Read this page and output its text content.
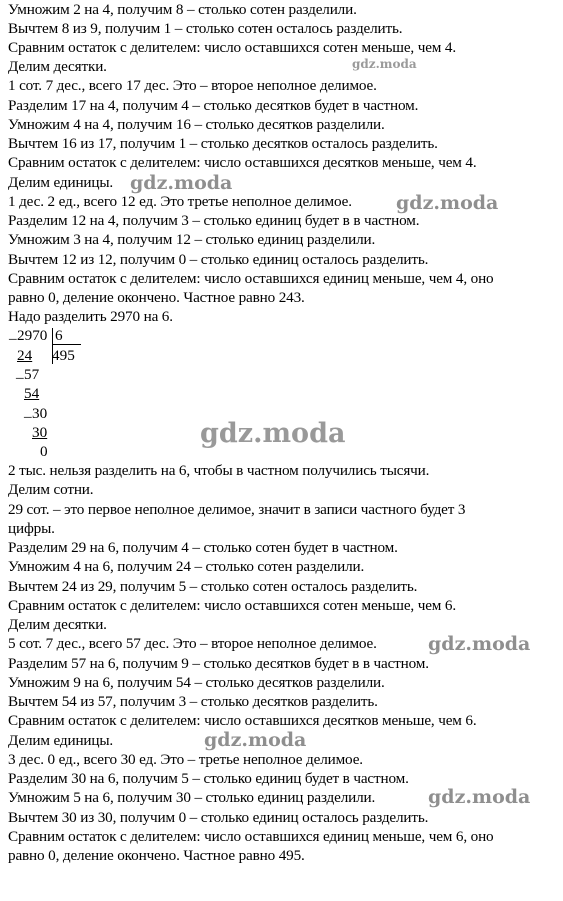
Умножим 2 на 4, получим 8 – столько сотен разделили.
Вычтем 8 из 9, получим 1 – столько сотен осталось разделить.
Сравним остаток с делителем: число оставшихся сотен меньше, чем 4.
Делим десятки.
1 сот. 7 дес., всего 17 дес. Это – второе неполное делимое.
Разделим 17 на 4, получим 4 – столько десятков будет в частном.
Умножим 4 на 4, получим 16 – столько десятков разделили.
Вычтем 16 из 17, получим 1 – столько десятков осталось разделить.
Сравним остаток с делителем: число оставшихся десятков меньше, чем 4.
Делим единицы.
1 дес. 2 ед., всего 12 ед. Это третье неполное делимое.
Разделим 12 на 4, получим 3 – столько единиц будет в в частном.
Умножим 3 на 4, получим 12 – столько единиц разделили.
Вычтем 12 из 12, получим 0 – столько единиц осталось разделить.
Сравним остаток с делителем: число оставшихся единиц меньше, чем 4, оно
равно 0, деление окончено. Частное равно 243.
Надо разделить 2970 на 6.
_ 2970 6
495
24
_ 57
54
_ 30
30
0
2 тыс. нельзя разделить на 6, чтобы в частном получились тысячи.
Делим сотни.
29 сот. – это первое неполное делимое, значит в записи частного будет 3
цифры.
Разделим 29 на 6, получим 4 – столько сотен будет в частном.
Умножим 4 на 6, получим 24 – столько сотен разделили.
Вычтем 24 из 29, получим 5 – столько сотен осталось разделить.
Сравним остаток с делителем: число оставшихся сотен меньше, чем 6.
Делим десятки.
5 сот. 7 дес., всего 57 дес. Это – второе неполное делимое.
Разделим 57 на 6, получим 9 – столько десятков будет в в частном.
Умножим 9 на 6, получим 54 – столько десятков разделили.
Вычтем 54 из 57, получим 3 – столько десятков разделить.
Сравним остаток с делителем: число оставшихся десятков меньше, чем 6.
Делим единицы.
3 дес. 0 ед., всего 30 ед. Это – третье неполное делимое.
Разделим 30 на 6, получим 5 – столько единиц будет в частном.
Умножим 5 на 6, получим 30 – столько единиц разделили.
Вычтем 30 из 30, получим 0 – столько единиц осталось разделить.
Сравним остаток с делителем: число оставшихся единиц меньше, чем 6, оно
равно 0, деление окончено. Частное равно 495.
gdz.moda
gdz.moda
gdz.moda
gdz.moda
gdz.moda
gdz.moda
gdz.moda
